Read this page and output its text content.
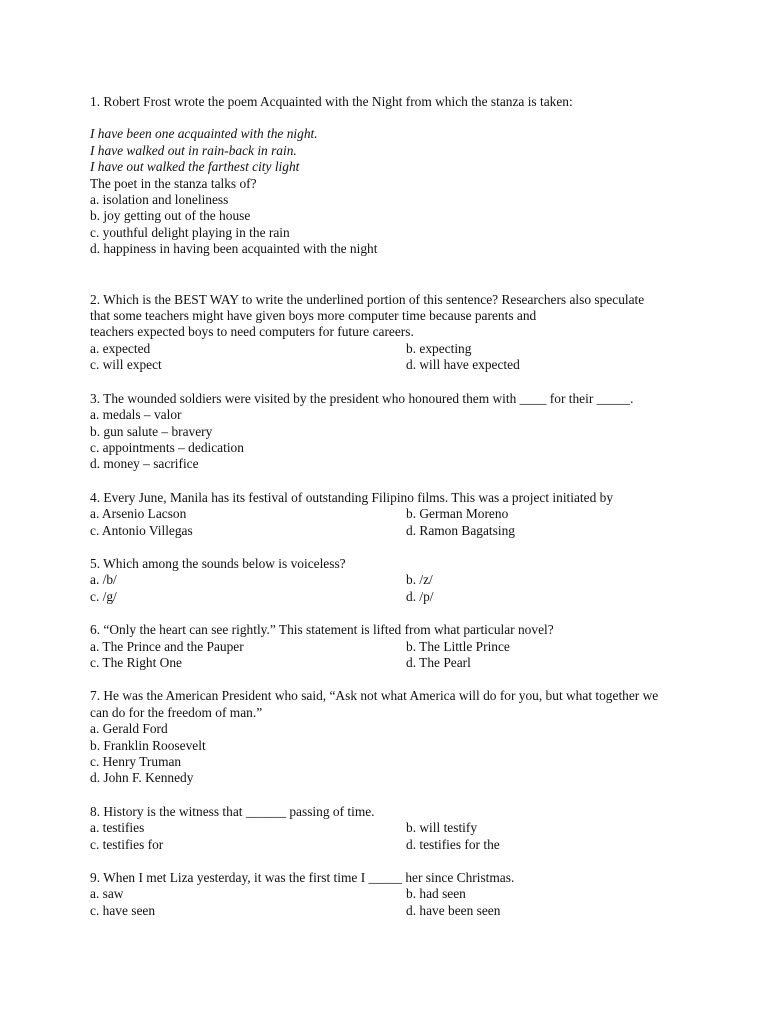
1. Robert Frost wrote the poem Acquainted with the Night from which the stanza is taken:
I have been one acquainted with the night.
I have walked out in rain-back in rain.
I have out walked the farthest city light
The poet in the stanza talks of?
a. isolation and loneliness
b. joy getting out of the house
c. youthful delight playing in the rain
d. happiness in having been acquainted with the night
2. Which is the BEST WAY to write the underlined portion of this sentence? Researchers also speculate
that some teachers might have given boys more computer time because parents and
teachers expected boys to need computers for future careers.
a. expected	b. expecting
c. will expect	d. will have expected
3. The wounded soldiers were visited by the president who honoured them with ____ for their _____.
a. medals – valor
b. gun salute – bravery
c. appointments – dedication
d. money – sacrifice
4. Every June, Manila has its festival of outstanding Filipino films. This was a project initiated by
a. Arsenio Lacson	b. German Moreno
c. Antonio Villegas	d. Ramon Bagatsing
5. Which among the sounds below is voiceless?
a. /b/	b. /z/
c. /g/	d. /p/
6. “Only the heart can see rightly.” This statement is lifted from what particular novel?
a. The Prince and the Pauper	b. The Little Prince
c. The Right One	d. The Pearl
7. He was the American President who said, “Ask not what America will do for you, but what together we
can do for the freedom of man.”
a. Gerald Ford
b. Franklin Roosevelt
c. Henry Truman
d. John F. Kennedy
8. History is the witness that ______ passing of time.
a. testifies	b. will testify
c. testifies for	d. testifies for the
9. When I met Liza yesterday, it was the first time I _____ her since Christmas.
a. saw	b. had seen
c. have seen	d. have been seen
